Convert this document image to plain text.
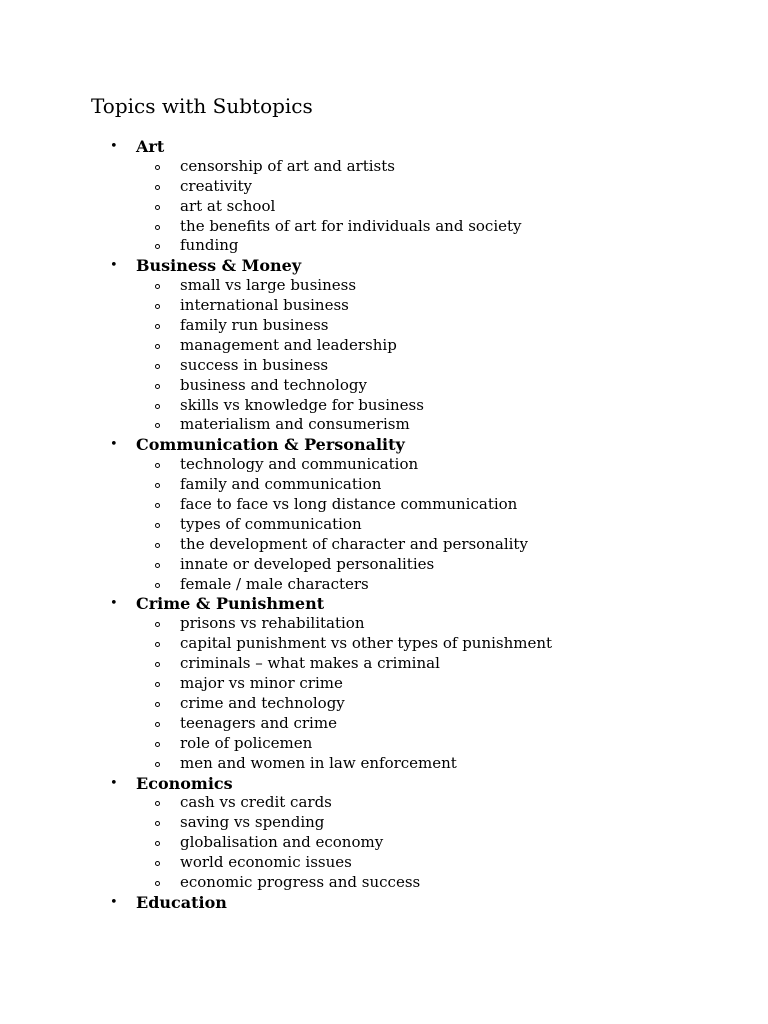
Topics with Subtopics
• Art
censorship of art and artists
creativity
art at school
the benefits of art for individuals and society
funding
• Business & Money
small vs large business
international business
family run business
management and leadership
success in business
business and technology
skills vs knowledge for business
materialism and consumerism
• Communication & Personality
technology and communication
family and communication
face to face vs long distance communication
types of communication
the development of character and personality
innate or developed personalities
female / male characters
• Crime & Punishment
prisons vs rehabilitation
capital punishment vs other types of punishment
criminals – what makes a criminal
major vs minor crime
crime and technology
teenagers and crime
role of policemen
men and women in law enforcement
• Economics
cash vs credit cards
saving vs spending
globalisation and economy
world economic issues
economic progress and success
• Education
